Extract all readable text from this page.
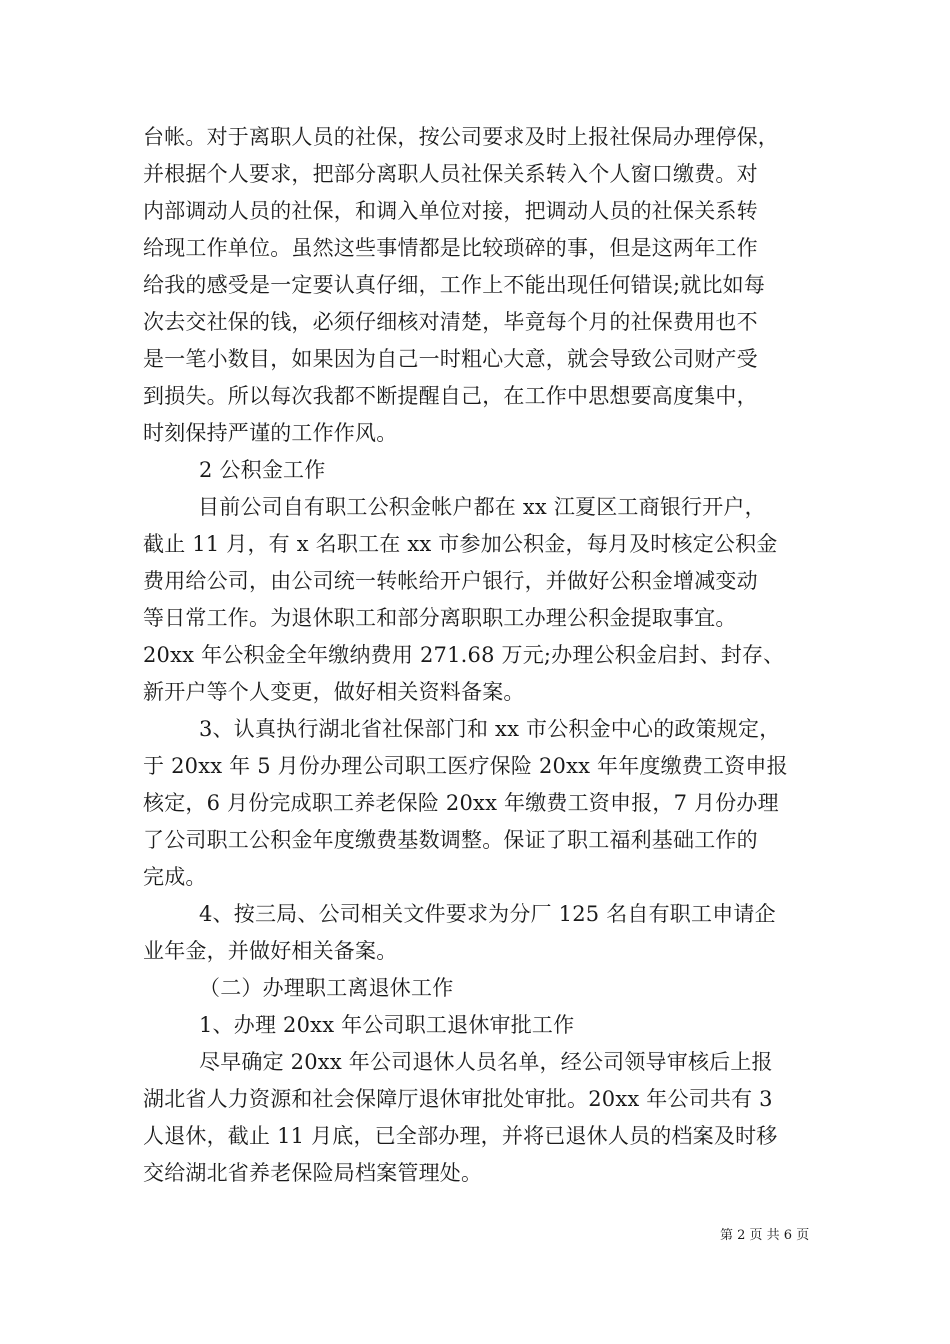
台帐。对于离职人员的社保，按公司要求及时上报社保局办理停保，
并根据个人要求，把部分离职人员社保关系转入个人窗口缴费。对
内部调动人员的社保，和调入单位对接，把调动人员的社保关系转
给现工作单位。虽然这些事情都是比较琐碎的事，但是这两年工作
给我的感受是一定要认真仔细，工作上不能出现任何错误;就比如每
次去交社保的钱，必须仔细核对清楚，毕竟每个月的社保费用也不
是一笔小数目，如果因为自己一时粗心大意，就会导致公司财产受
到损失。所以每次我都不断提醒自己，在工作中思想要高度集中，
时刻保持严谨的工作作风。
2 公积金工作
目前公司自有职工公积金帐户都在 xx 江夏区工商银行开户，
截止 11 月，有 x 名职工在 xx 市参加公积金，每月及时核定公积金
费用给公司，由公司统一转帐给开户银行，并做好公积金增减变动
等日常工作。为退休职工和部分离职职工办理公积金提取事宜。
20xx 年公积金全年缴纳费用 271.68 万元;办理公积金启封、封存、
新开户等个人变更，做好相关资料备案。
3、认真执行湖北省社保部门和 xx 市公积金中心的政策规定，
于 20xx 年 5 月份办理公司职工医疗保险 20xx 年年度缴费工资申报
核定，6 月份完成职工养老保险 20xx 年缴费工资申报，7 月份办理
了公司职工公积金年度缴费基数调整。保证了职工福利基础工作的
完成。
4、按三局、公司相关文件要求为分厂 125 名自有职工申请企
业年金，并做好相关备案。
（二）办理职工离退休工作
1、办理 20xx 年公司职工退休审批工作
尽早确定 20xx 年公司退休人员名单，经公司领导审核后上报
湖北省人力资源和社会保障厅退休审批处审批。20xx 年公司共有 3
人退休，截止 11 月底，已全部办理，并将已退休人员的档案及时移
交给湖北省养老保险局档案管理处。
第 2 页 共 6 页
